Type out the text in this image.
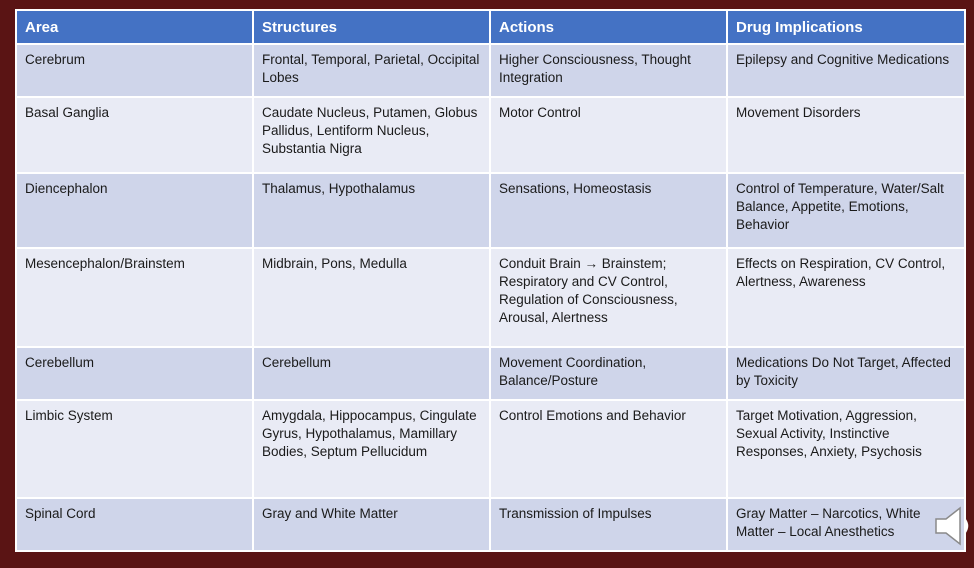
Area	Structures	Actions	Drug Implications
Cerebrum	Frontal, Temporal, Parietal, Occipital Lobes	Higher Consciousness, Thought Integration	Epilepsy and Cognitive Medications
Basal Ganglia	Caudate Nucleus, Putamen, Globus Pallidus, Lentiform Nucleus, Substantia Nigra	Motor Control	Movement Disorders
Diencephalon	Thalamus, Hypothalamus	Sensations, Homeostasis	Control of Temperature, Water/Salt Balance, Appetite, Emotions, Behavior
Mesencephalon/Brainstem	Midbrain, Pons, Medulla	Conduit Brain → Brainstem; Respiratory and CV Control, Regulation of Consciousness, Arousal, Alertness	Effects on Respiration, CV Control, Alertness, Awareness
Cerebellum	Cerebellum	Movement Coordination, Balance/Posture	Medications Do Not Target, Affected by Toxicity
Limbic System	Amygdala, Hippocampus, Cingulate Gyrus, Hypothalamus, Mamillary Bodies, Septum Pellucidum	Control Emotions and Behavior	Target Motivation, Aggression, Sexual Activity, Instinctive Responses, Anxiety, Psychosis
Spinal Cord	Gray and White Matter	Transmission of Impulses	Gray Matter – Narcotics, White Matter – Local Anesthetics
